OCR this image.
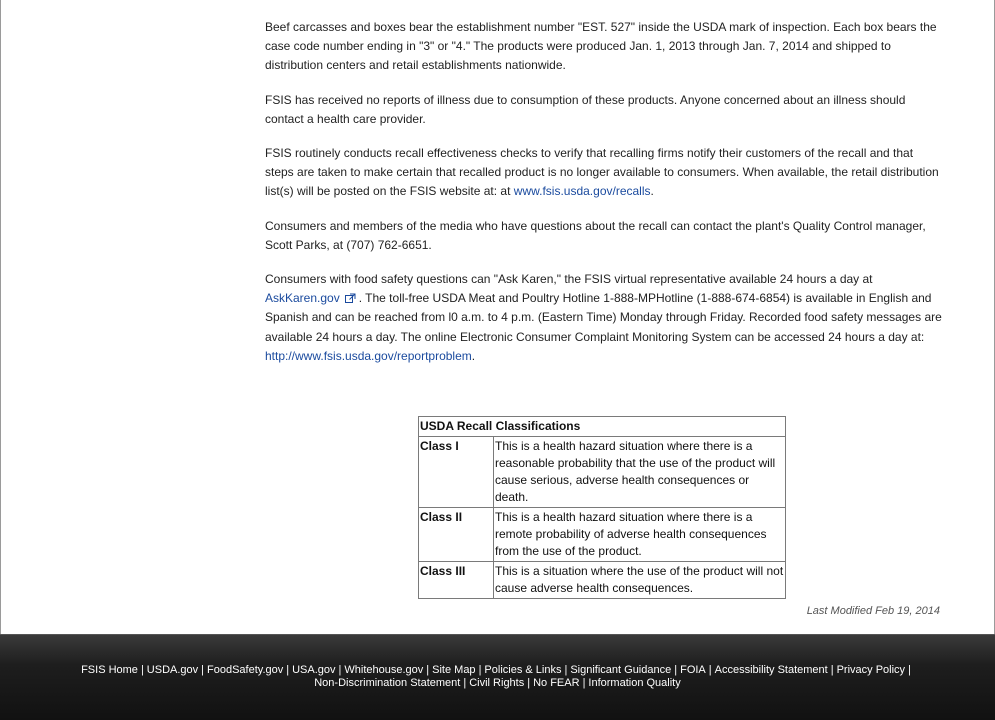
Beef carcasses and boxes bear the establishment number "EST. 527" inside the USDA mark of inspection. Each box bears the case code number ending in "3" or "4." The products were produced Jan. 1, 2013 through Jan. 7, 2014 and shipped to distribution centers and retail establishments nationwide.

FSIS has received no reports of illness due to consumption of these products. Anyone concerned about an illness should contact a health care provider.

FSIS routinely conducts recall effectiveness checks to verify that recalling firms notify their customers of the recall and that steps are taken to make certain that recalled product is no longer available to consumers. When available, the retail distribution list(s) will be posted on the FSIS website at: at www.fsis.usda.gov/recalls.

Consumers and members of the media who have questions about the recall can contact the plant's Quality Control manager, Scott Parks, at (707) 762-6651.

Consumers with food safety questions can "Ask Karen," the FSIS virtual representative available 24 hours a day at AskKaren.gov . The toll-free USDA Meat and Poultry Hotline 1-888-MPHotline (1-888-674-6854) is available in English and Spanish and can be reached from l0 a.m. to 4 p.m. (Eastern Time) Monday through Friday. Recorded food safety messages are available 24 hours a day. The online Electronic Consumer Complaint Monitoring System can be accessed 24 hours a day at: http://www.fsis.usda.gov/reportproblem.

USDA Recall Classifications	
Class I	This is a health hazard situation where there is a reasonable probability that the use of the product will cause serious, adverse health consequences or death.
Class II	This is a health hazard situation where there is a remote probability of adverse health consequences from the use of the product.
Class III	This is a situation where the use of the product will not cause adverse health consequences.
Last Modified Feb 19, 2014
FSIS Home | USDA.gov | FoodSafety.gov | USA.gov | Whitehouse.gov | Site Map | Policies & Links | Significant Guidance | FOIA | Accessibility Statement | Privacy Policy |
Non-Discrimination Statement | Civil Rights | No FEAR | Information Quality
